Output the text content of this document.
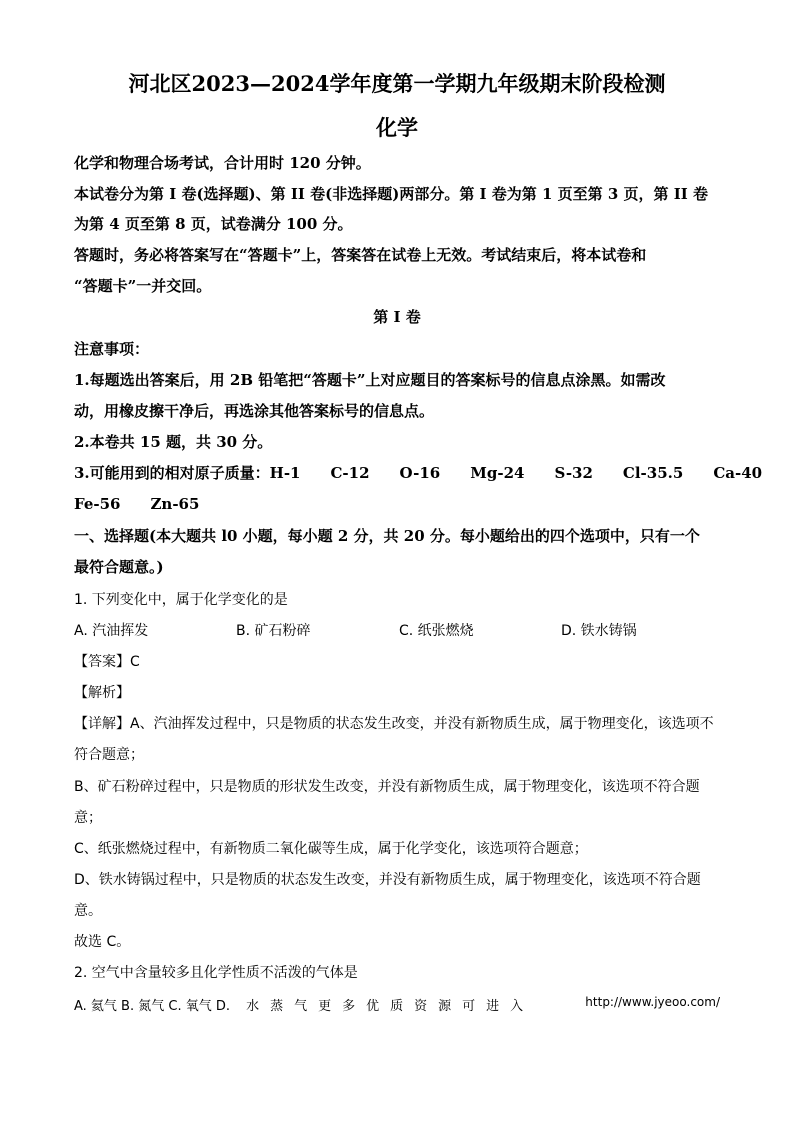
河北区2023—2024学年度第一学期九年级期末阶段检测
化学
化学和物理合场考试，合计用时 120 分钟。
本试卷分为第 I 卷(选择题)、第 II 卷(非选择题)两部分。第 I 卷为第 1 页至第 3 页，第 II 卷
为第 4 页至第 8 页，试卷满分 100 分。
答题时，务必将答案写在“答题卡”上，答案答在试卷上无效。考试结束后，将本试卷和
“答题卡”一并交回。
第 I 卷
注意事项：
1.每题选出答案后，用 2B 铅笔把“答题卡”上对应题目的答案标号的信息点涂黑。如需改
动，用橡皮擦干净后，再选涂其他答案标号的信息点。
2.本卷共 15 题，共 30 分。
3.可能用到的相对原子质量：H-1　　C-12　　O-16　　Mg-24　　S-32　　Cl-35.5　　Ca-40
Fe-56　　Zn-65
一、选择题(本大题共 l0 小题，每小题 2 分，共 20 分。每小题给出的四个选项中，只有一个
最符合题意。)
1. 下列变化中，属于化学变化的是
A. 汽油挥发	B. 矿石粉碎	C. 纸张燃烧	D. 铁水铸锅
【答案】C
【解析】
【详解】A、汽油挥发过程中，只是物质的状态发生改变，并没有新物质生成，属于物理变化，该选项不
符合题意；
B、矿石粉碎过程中，只是物质的形状发生改变，并没有新物质生成，属于物理变化，该选项不符合题
意；
C、纸张燃烧过程中，有新物质二氧化碳等生成，属于化学变化，该选项符合题意；
D、铁水铸锅过程中，只是物质的状态发生改变，并没有新物质生成，属于物理变化，该选项不符合题
意。
故选 C。
2. 空气中含量较多且化学性质不活泼的气体是
A. 氦气 B. 氮气 C. 氧气 D. 水蒸气更多优质资源可进入	http://www.jyeoo.com/
